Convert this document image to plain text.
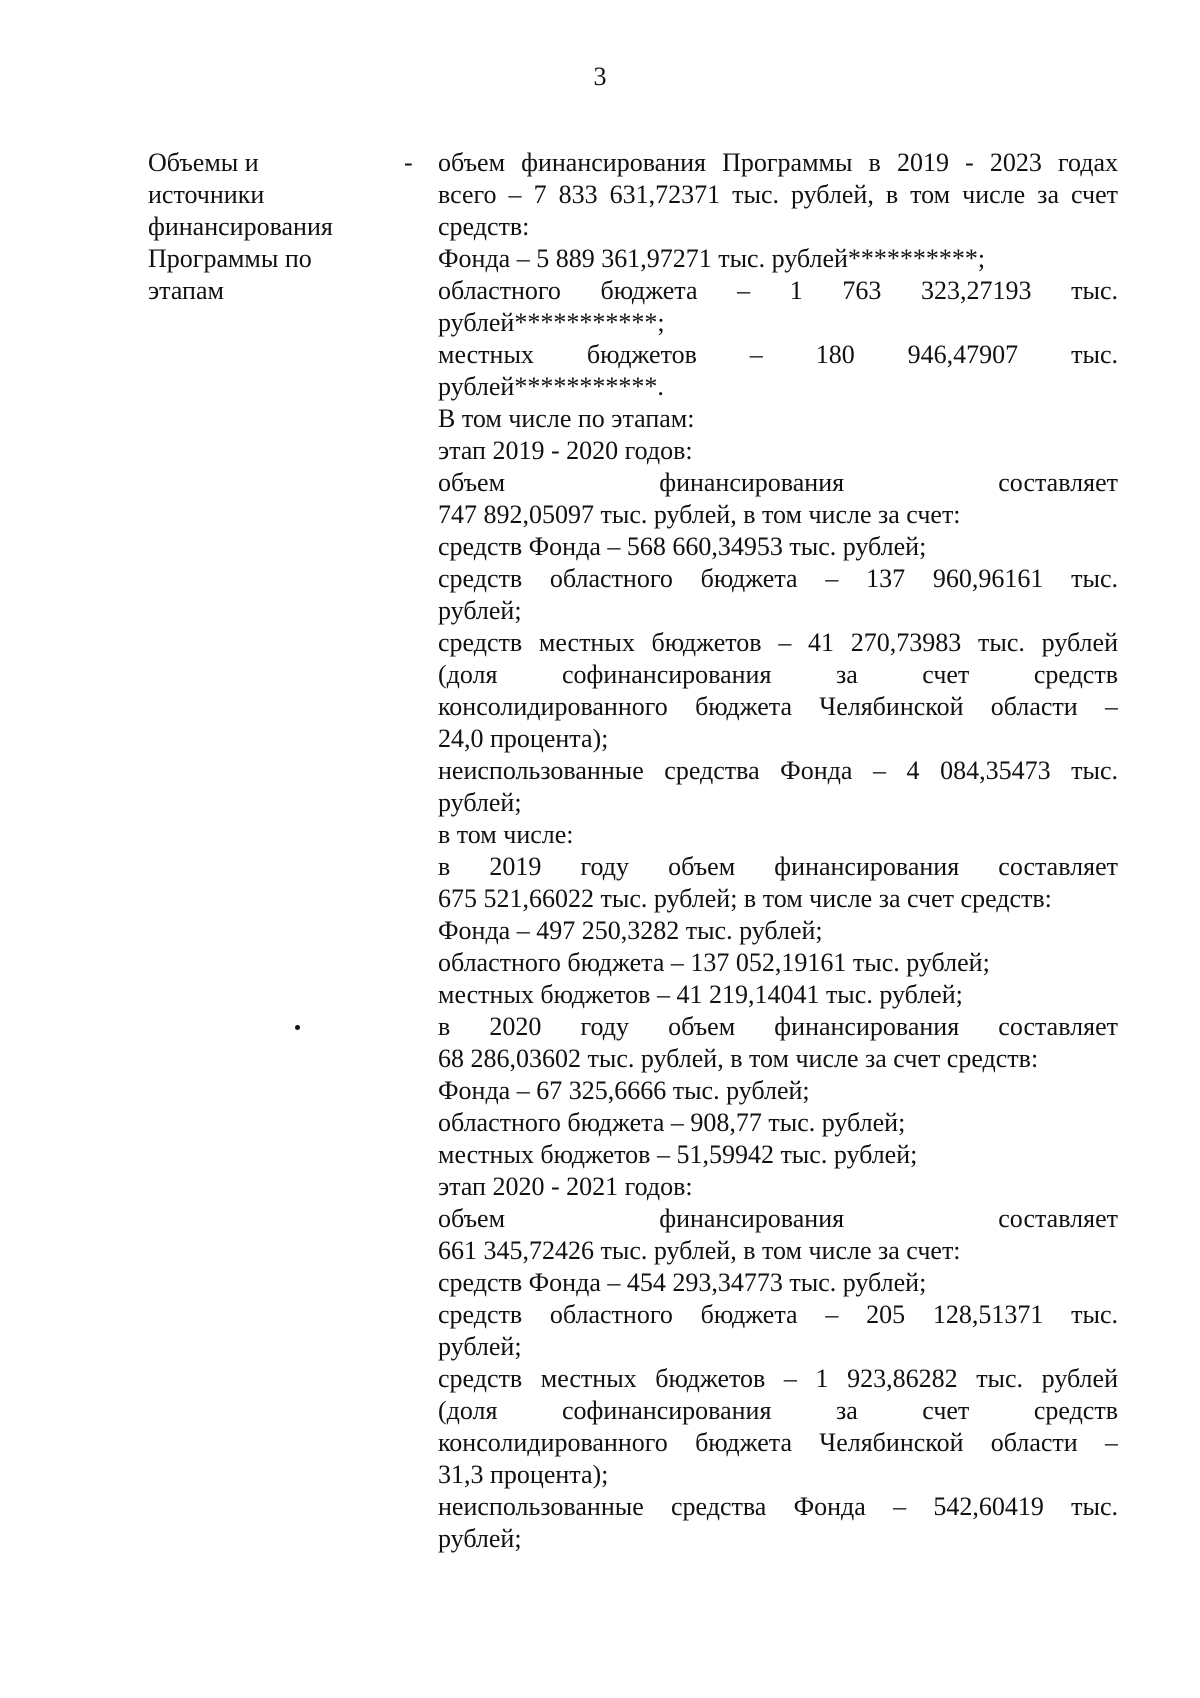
3
Объемы и
источники
финансирования
Программы по
этапам
- объем финансирования Программы в 2019 - 2023 годах
всего – 7 833 631,72371 тыс. рублей, в том числе за счет
средств:
Фонда – 5 889 361,97271 тыс. рублей**********;
областного бюджета – 1 763 323,27193 тыс.
рублей***********;
местных бюджетов – 180 946,47907 тыс.
рублей***********.
В том числе по этапам:
этап 2019 - 2020 годов:
объем финансирования составляет
747 892,05097 тыс. рублей, в том числе за счет:
средств Фонда – 568 660,34953 тыс. рублей;
средств областного бюджета – 137 960,96161 тыс.
рублей;
средств местных бюджетов – 41 270,73983 тыс. рублей
(доля софинансирования за счет средств
консолидированного бюджета Челябинской области –
24,0 процента);
неиспользованные средства Фонда – 4 084,35473 тыс.
рублей;
в том числе:
в 2019 году объем финансирования составляет
675 521,66022 тыс. рублей; в том числе за счет средств:
Фонда – 497 250,3282 тыс. рублей;
областного бюджета – 137 052,19161 тыс. рублей;
местных бюджетов – 41 219,14041 тыс. рублей;
в 2020 году объем финансирования составляет
68 286,03602 тыс. рублей, в том числе за счет средств:
Фонда – 67 325,6666 тыс. рублей;
областного бюджета – 908,77 тыс. рублей;
местных бюджетов – 51,59942 тыс. рублей;
этап 2020 - 2021 годов:
объем финансирования составляет
661 345,72426 тыс. рублей, в том числе за счет:
средств Фонда – 454 293,34773 тыс. рублей;
средств областного бюджета – 205 128,51371 тыс.
рублей;
средств местных бюджетов – 1 923,86282 тыс. рублей
(доля софинансирования за счет средств
консолидированного бюджета Челябинской области –
31,3 процента);
неиспользованные средства Фонда – 542,60419 тыс.
рублей;
